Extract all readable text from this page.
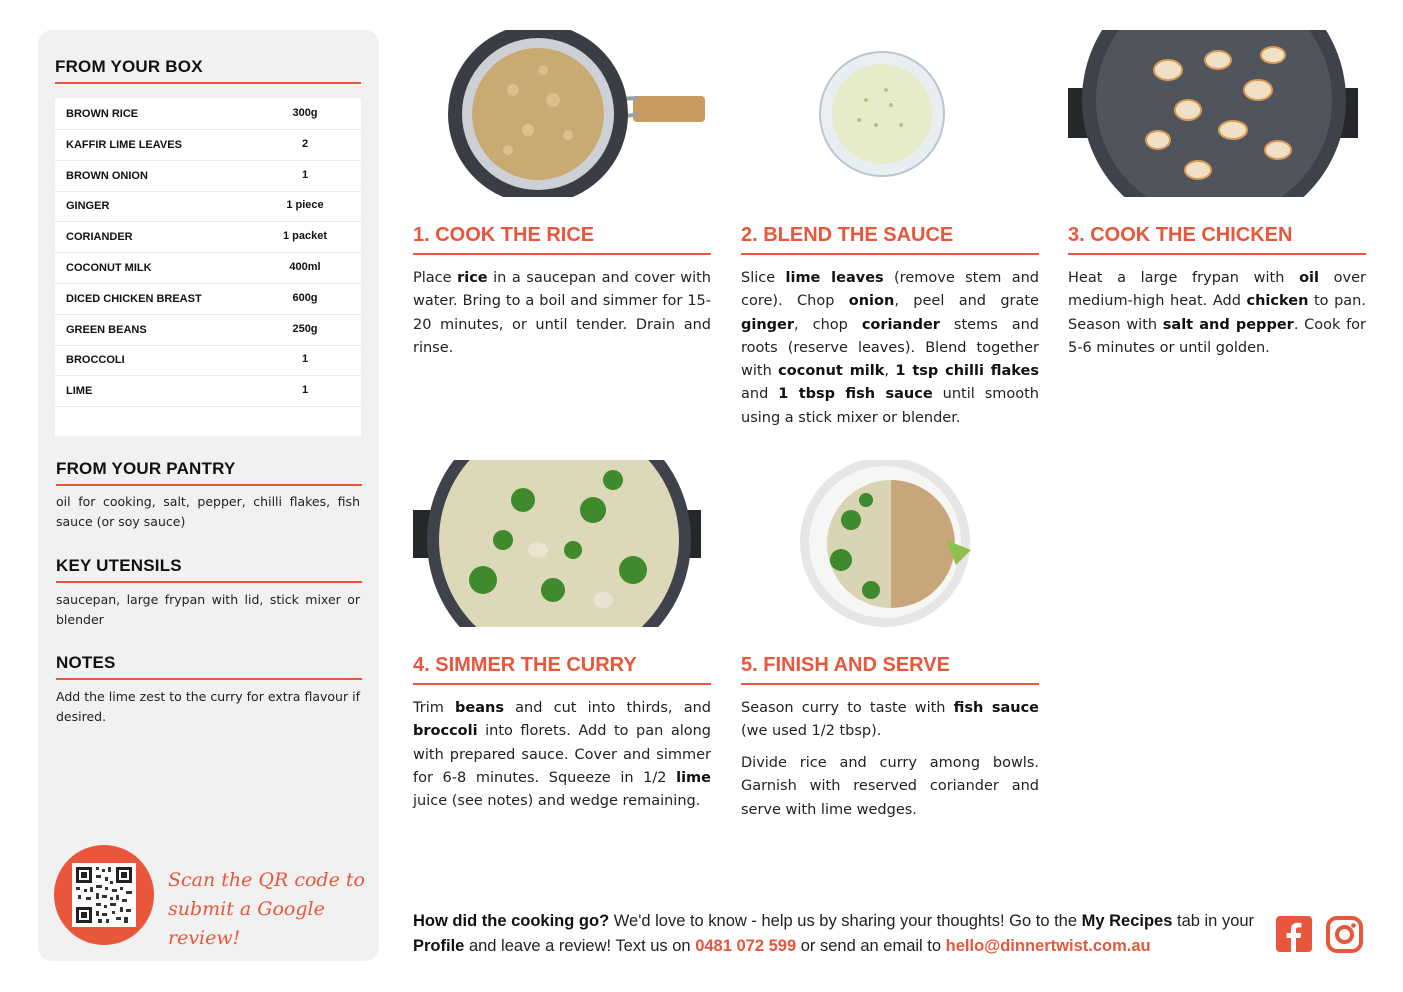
FROM YOUR BOX
BROWN RICE	300g
KAFFIR LIME LEAVES	2
BROWN ONION	1
GINGER	1 piece
CORIANDER	1 packet
COCONUT MILK	400ml
DICED CHICKEN BREAST	600g
GREEN BEANS	250g
BROCCOLI	1
LIME	1
FROM YOUR PANTRY
oil for cooking, salt, pepper, chilli flakes, fish sauce (or soy sauce)
KEY UTENSILS
saucepan, large frypan with lid, stick mixer or blender
NOTES
Add the lime zest to the curry for extra flavour if desired.
Scan the QR code to
submit a Google review!
1. COOK THE RICE
Place rice in a saucepan and cover with water. Bring to a boil and simmer for 15-20 minutes, or until tender. Drain and rinse.
2. BLEND THE SAUCE
Slice lime leaves (remove stem and core). Chop onion, peel and grate ginger, chop coriander stems and roots (reserve leaves). Blend together with coconut milk, 1 tsp chilli flakes and 1 tbsp fish sauce until smooth using a stick mixer or blender.
3. COOK THE CHICKEN
Heat a large frypan with oil over medium-high heat. Add chicken to pan. Season with salt and pepper. Cook for 5-6 minutes or until golden.
4. SIMMER THE CURRY
Trim beans and cut into thirds, and broccoli into florets. Add to pan along with prepared sauce. Cover and simmer for 6-8 minutes. Squeeze in 1/2 lime juice (see notes) and wedge remaining.
5. FINISH AND SERVE
Season curry to taste with fish sauce (we used 1/2 tbsp).
Divide rice and curry among bowls. Garnish with reserved coriander and serve with lime wedges.
How did the cooking go? We'd love to know - help us by sharing your thoughts! Go to the My Recipes tab in your Profile and leave a review! Text us on 0481 072 599 or send an email to hello@dinnertwist.com.au
